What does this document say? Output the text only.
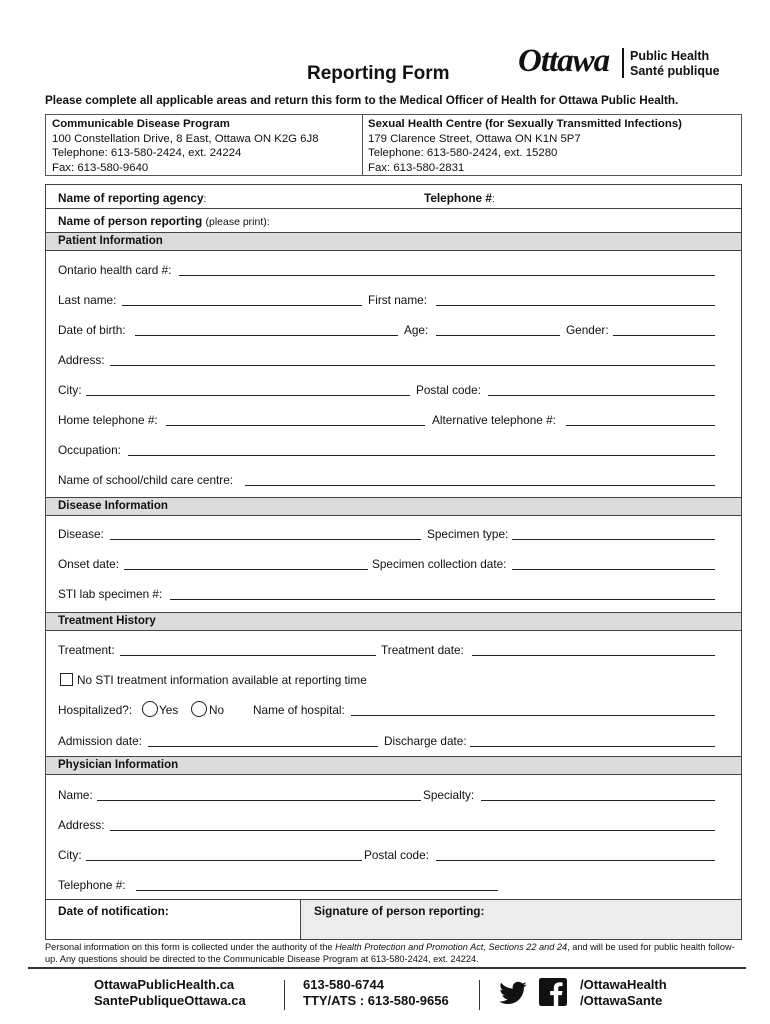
Reporting Form Ottawa Public Health
Santé publique
Please complete all applicable areas and return this form to the Medical Officer of Health for Ottawa Public Health.
Communicable Disease Program
100 Constellation Drive, 8 East, Ottawa ON K2G 6J8
Telephone: 613-580-2424, ext. 24224
Fax: 613-580-9640
Sexual Health Centre (for Sexually Transmitted Infections)
179 Clarence Street, Ottawa ON K1N 5P7
Telephone: 613-580-2424, ext. 15280
Fax: 613-580-2831
Name of reporting agency:	Telephone #:
Name of person reporting (please print):
Patient Information
Ontario health card #:
Last name:	First name:
Date of birth:	Age:	Gender:
Address:
City:	Postal code:
Home telephone #:	Alternative telephone #:
Occupation:
Name of school/child care centre:
Disease Information
Disease:	Specimen type:
Onset date:	Specimen collection date:
STI lab specimen #:
Treatment History
Treatment:	Treatment date:
No STI treatment information available at reporting time
Hospitalized?: Yes	No Name of hospital:
Admission date:	Discharge date:
Physician Information
Name:	Specialty:
Address:
City:	Postal code:
Telephone #:
Date of notification:	Signature of person reporting:
Personal information on this form is collected under the authority of the Health Protection and Promotion Act, Sections 22 and 24, and will be used for public health follow-up. Any questions should be directed to the Communicable Disease Program at 613-580-2424, ext. 24224.
OttawaPublicHealth.ca
SantePubliqueOttawa.ca
613-580-6744
TTY/ATS : 613-580-9656
/OttawaHealth
/OttawaSante
